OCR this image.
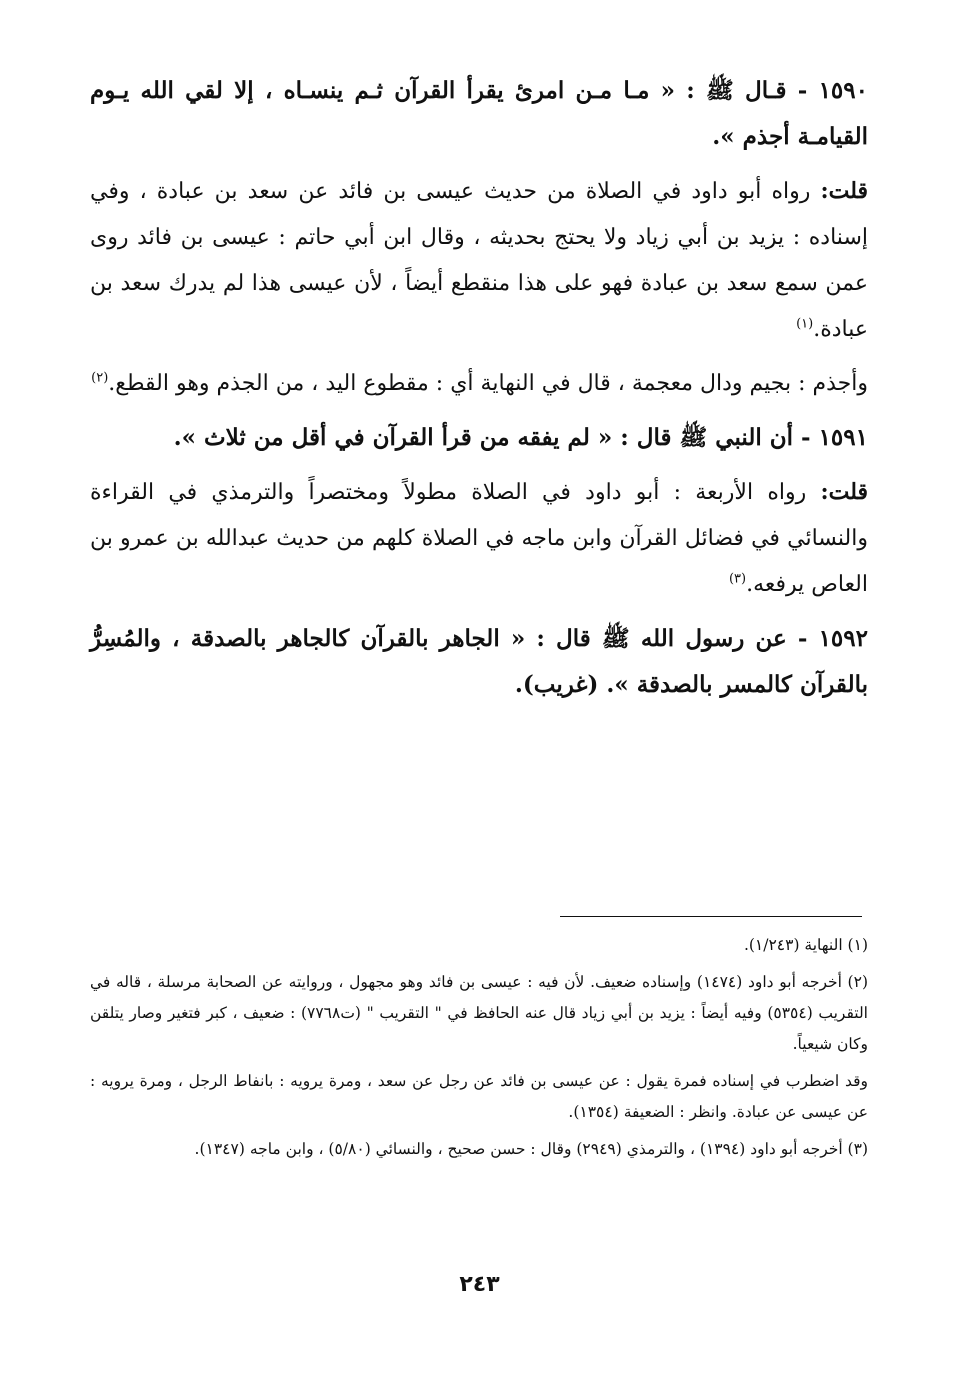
١٥٩٠ - قـال ﷺ : « مـا مـن امرئ يقرأ القرآن ثـم ينسـاه ، إلا لقي الله يـوم القيامـة أجذم ».

قلت: رواه أبو داود في الصلاة من حديث عيسى بن فائد عن سعد بن عبادة ، وفي إسناده : يزيد بن أبي زياد ولا يحتج بحديثه ، وقال ابن أبي حاتم : عيسى بن فائد روى عمن سمع سعد بن عبادة فهو على هذا منقطع أيضاً ، لأن عيسى هذا لم يدرك سعد بن عبادة.$^{(١)}$

وأجذم : بجيم ودال معجمة ، قال في النهاية أي : مقطوع اليد ، من الجذم وهو القطع.$^{(٢)}$

١٥٩١ - أن النبي ﷺ قال : « لم يفقه من قرأ القرآن في أقل من ثلاث ».

قلت: رواه الأربعة : أبو داود في الصلاة مطولاً ومختصراً والترمذي في القراءة والنسائي في فضائل القرآن وابن ماجه في الصلاة كلهم من حديث عبدالله بن عمرو بن العاص يرفعه.$^{(٣)}$

١٥٩٢ - عن رسول الله ﷺ قال : « الجاهر بالقرآن كالجاهر بالصدقة ، والمُسِرُّ بالقرآن كالمسر بالصدقة ». (غريب).

(١) النهاية (١/٢٤٣).

(٢) أخرجه أبو داود (١٤٧٤) وإسناده ضعيف. لأن فيه : عيسى بن فائد وهو مجهول ، وروايته عن الصحابة مرسلة ، قاله في التقريب (٥٣٥٤) وفيه أيضاً : يزيد بن أبي زياد قال عنه الحافظ في " التقريب " (ت٧٧٦٨) : ضعيف ، كبر فتغير وصار يتلقن وكان شيعياً.

وقد اضطرب في إسناده فمرة يقول : عن عيسى بن فائد عن رجل عن سعد ، ومرة يرويه : بانفاط الرجل ، ومرة يرويه : عن عيسى عن عبادة. وانظر : الضعيفة (١٣٥٤).

(٣) أخرجه أبو داود (١٣٩٤) ، والترمذي (٢٩٤٩) وقال : حسن صحيح ، والنسائي (٥/٨٠) ، وابن ماجه (١٣٤٧).

٢٤٣
